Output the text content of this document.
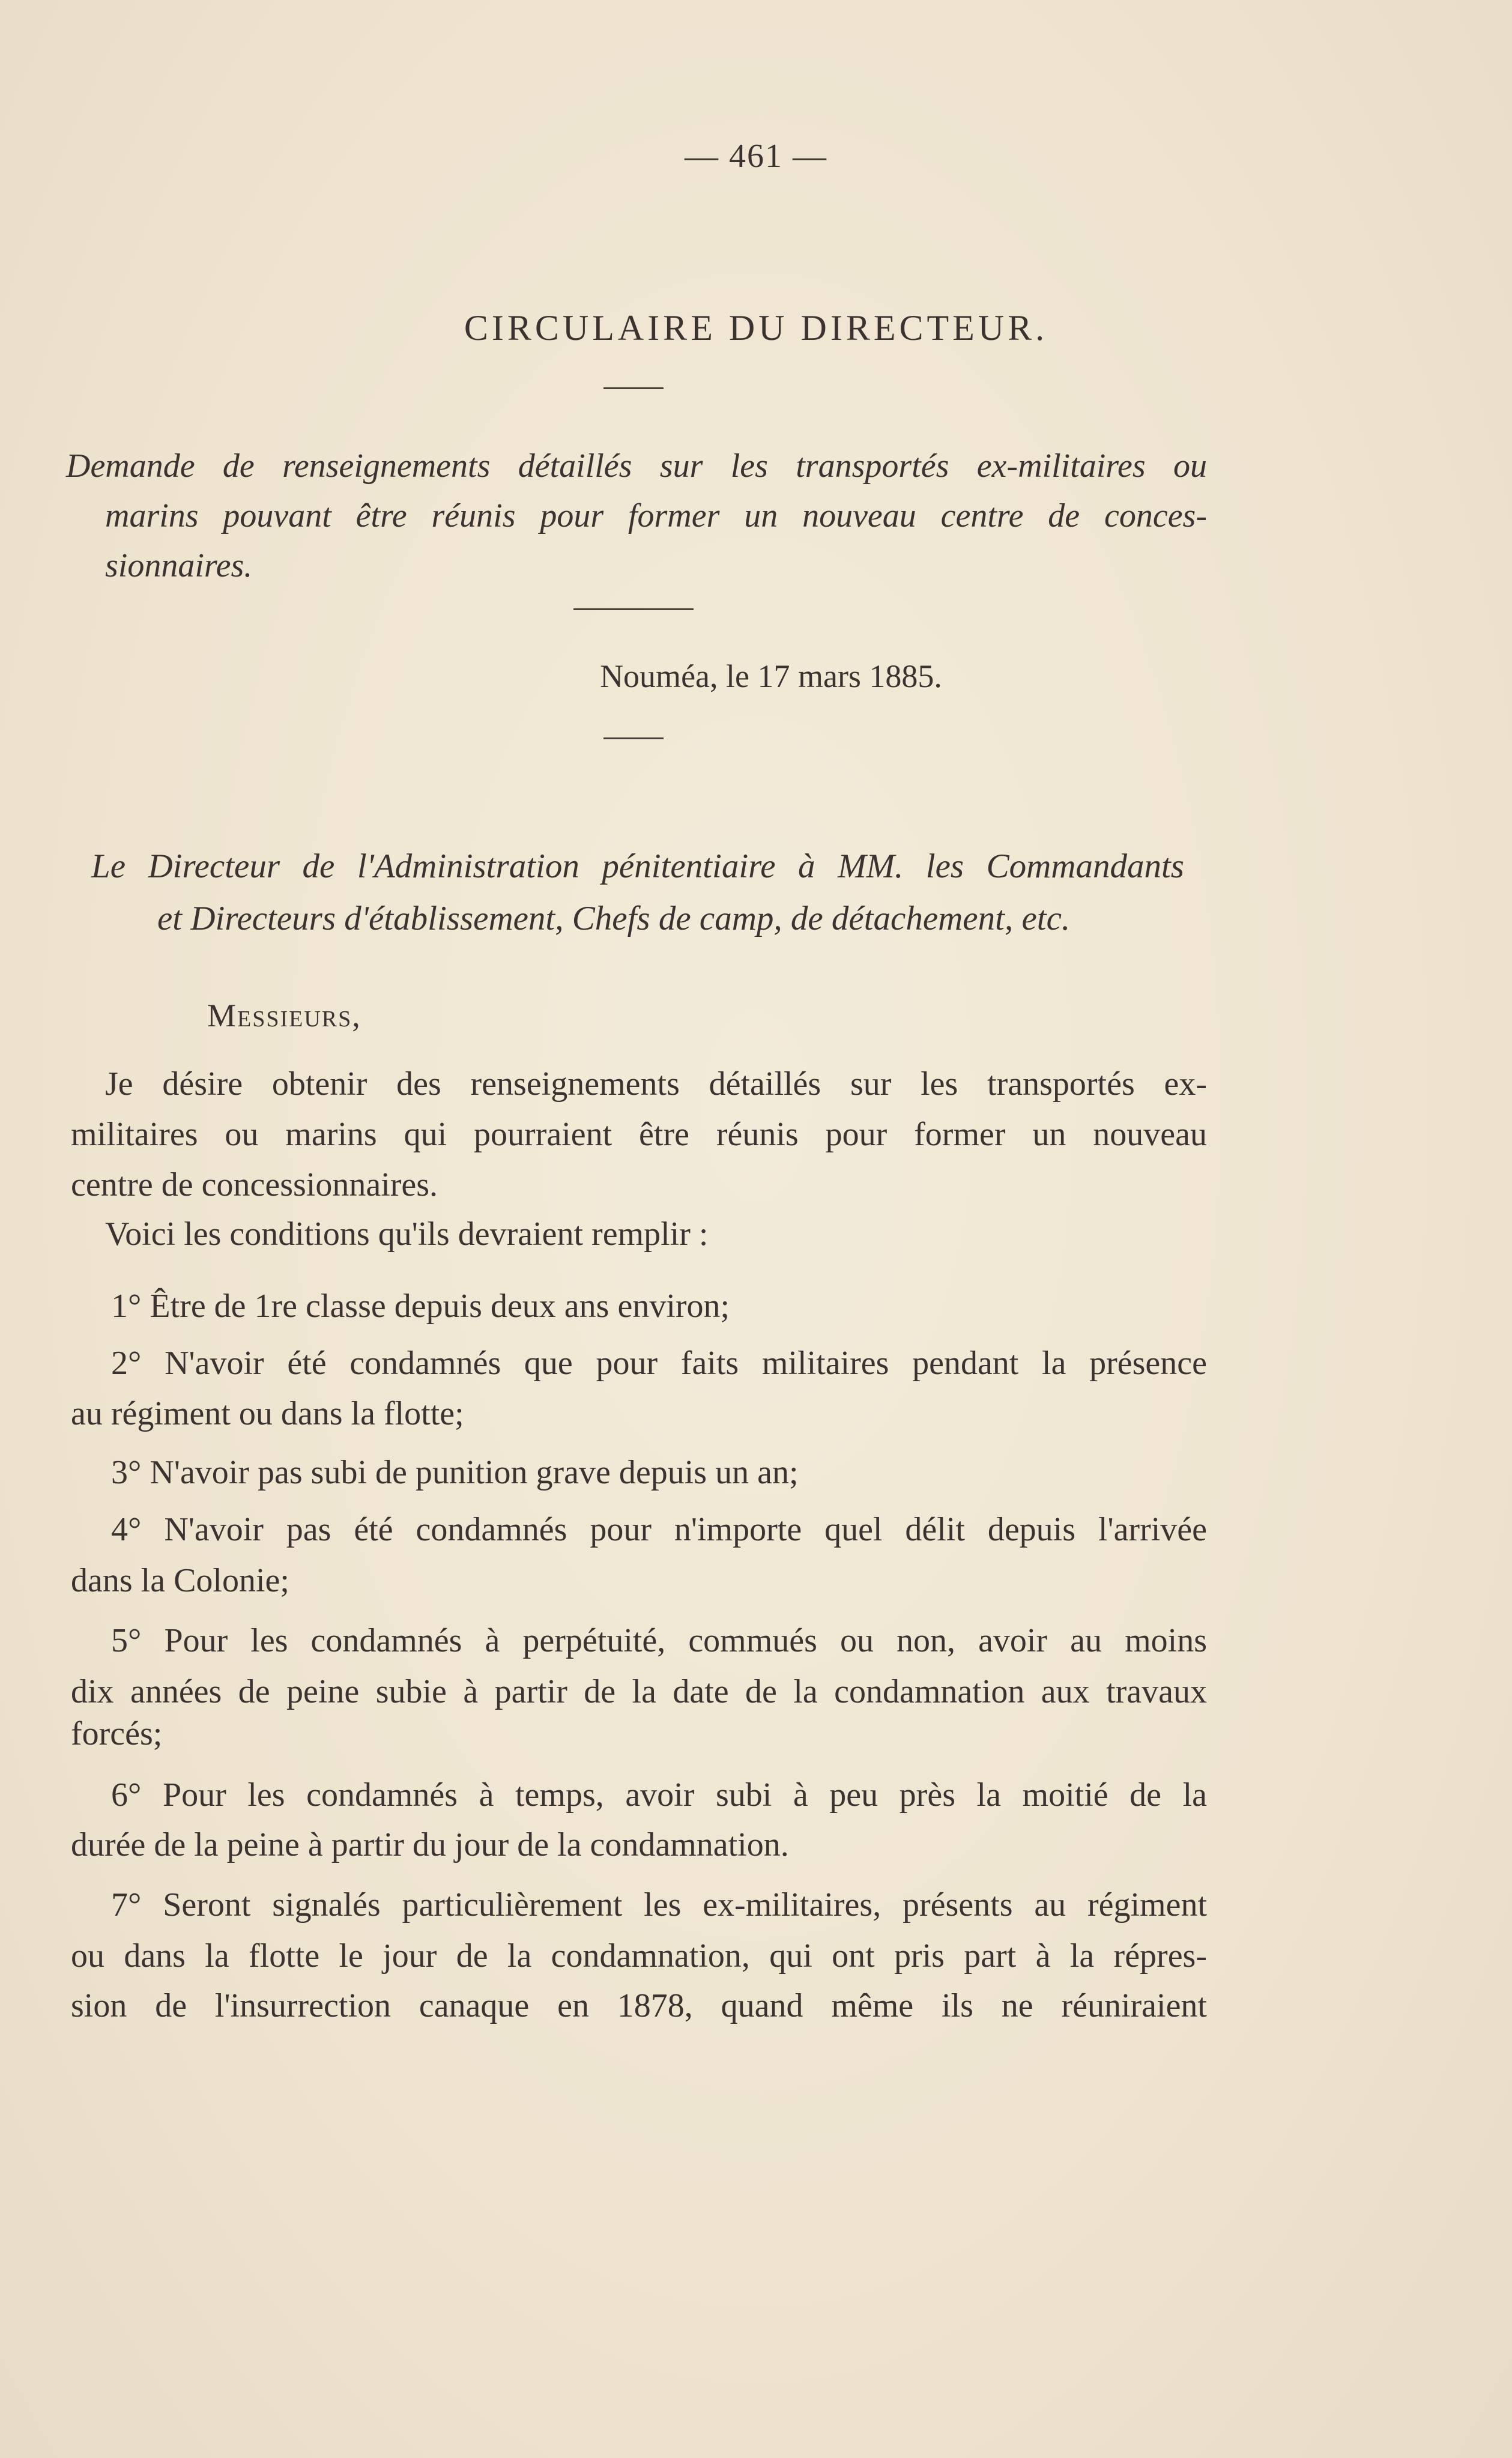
— 461 —
CIRCULAIRE DU DIRECTEUR.
Demande de renseignements détaillés sur les transportés ex-militaires ou
marins pouvant être réunis pour former un nouveau centre de conces-
sionnaires.
Nouméa, le 17 mars 1885.
Le Directeur de l'Administration pénitentiaire à MM. les Commandants
et Directeurs d'établissement, Chefs de camp, de détachement, etc.
Messieurs,
Je désire obtenir des renseignements détaillés sur les transportés ex-
militaires ou marins qui pourraient être réunis pour former un nouveau
centre de concessionnaires.
Voici les conditions qu'ils devraient remplir :
1° Être de 1re classe depuis deux ans environ;
2° N'avoir été condamnés que pour faits militaires pendant la présence
au régiment ou dans la flotte;
3° N'avoir pas subi de punition grave depuis un an;
4° N'avoir pas été condamnés pour n'importe quel délit depuis l'arrivée
dans la Colonie;
5° Pour les condamnés à perpétuité, commués ou non, avoir au moins
dix années de peine subie à partir de la date de la condamnation aux travaux
forcés;
6° Pour les condamnés à temps, avoir subi à peu près la moitié de la
durée de la peine à partir du jour de la condamnation.
7° Seront signalés particulièrement les ex-militaires, présents au régiment
ou dans la flotte le jour de la condamnation, qui ont pris part à la répres-
sion de l'insurrection canaque en 1878, quand même ils ne réuniraient
